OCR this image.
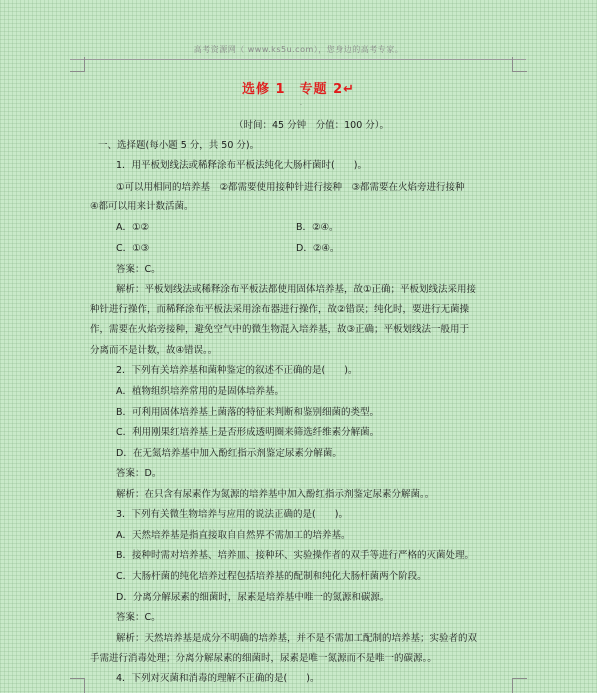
高考资源网（ www.ks5u.com），您身边的高考专家。
选修 1　专题 2↵
.
（时间：45 分钟　分值：100 分）。
一、选择题(每小题 5 分，共 50 分)。
1．用平板划线法或稀释涂布平板法纯化大肠杆菌时(　　)。
①可以用相同的培养基　②都需要使用接种针进行接种　③都需要在火焰旁进行接种
④都可以用来计数活菌。
A．①②	B．②④。
C．①③	D．②④。
答案：C。
解析：平板划线法或稀释涂布平板法都使用固体培养基，故①正确；平板划线法采用接
种针进行操作，而稀释涂布平板法采用涂布器进行操作，故②错误；纯化时，要进行无菌操
作，需要在火焰旁接种，避免空气中的微生物混入培养基，故③正确；平板划线法一般用于
分离而不是计数，故④错误。。
2．下列有关培养基和菌种鉴定的叙述不正确的是(　　)。
A．植物组织培养常用的是固体培养基。
B．可利用固体培养基上菌落的特征来判断和鉴别细菌的类型。
C．利用刚果红培养基上是否形成透明圈来筛选纤维素分解菌。
D．在无氮培养基中加入酚红指示剂鉴定尿素分解菌。
答案：D。
解析：在只含有尿素作为氮源的培养基中加入酚红指示剂鉴定尿素分解菌。。
3．下列有关微生物培养与应用的说法正确的是(　　)。
A．天然培养基是指直接取自自然界不需加工的培养基。
B．接种时需对培养基、培养皿、接种环、实验操作者的双手等进行严格的灭菌处理。
C．大肠杆菌的纯化培养过程包括培养基的配制和纯化大肠杆菌两个阶段。
D．分离分解尿素的细菌时，尿素是培养基中唯一的氮源和碳源。
答案：C。
解析：天然培养基是成分不明确的培养基，并不是不需加工配制的培养基；实验者的双
手需进行消毒处理；分离分解尿素的细菌时，尿素是唯一氮源而不是唯一的碳源。。
4．下列对灭菌和消毒的理解不正确的是(　　)。
